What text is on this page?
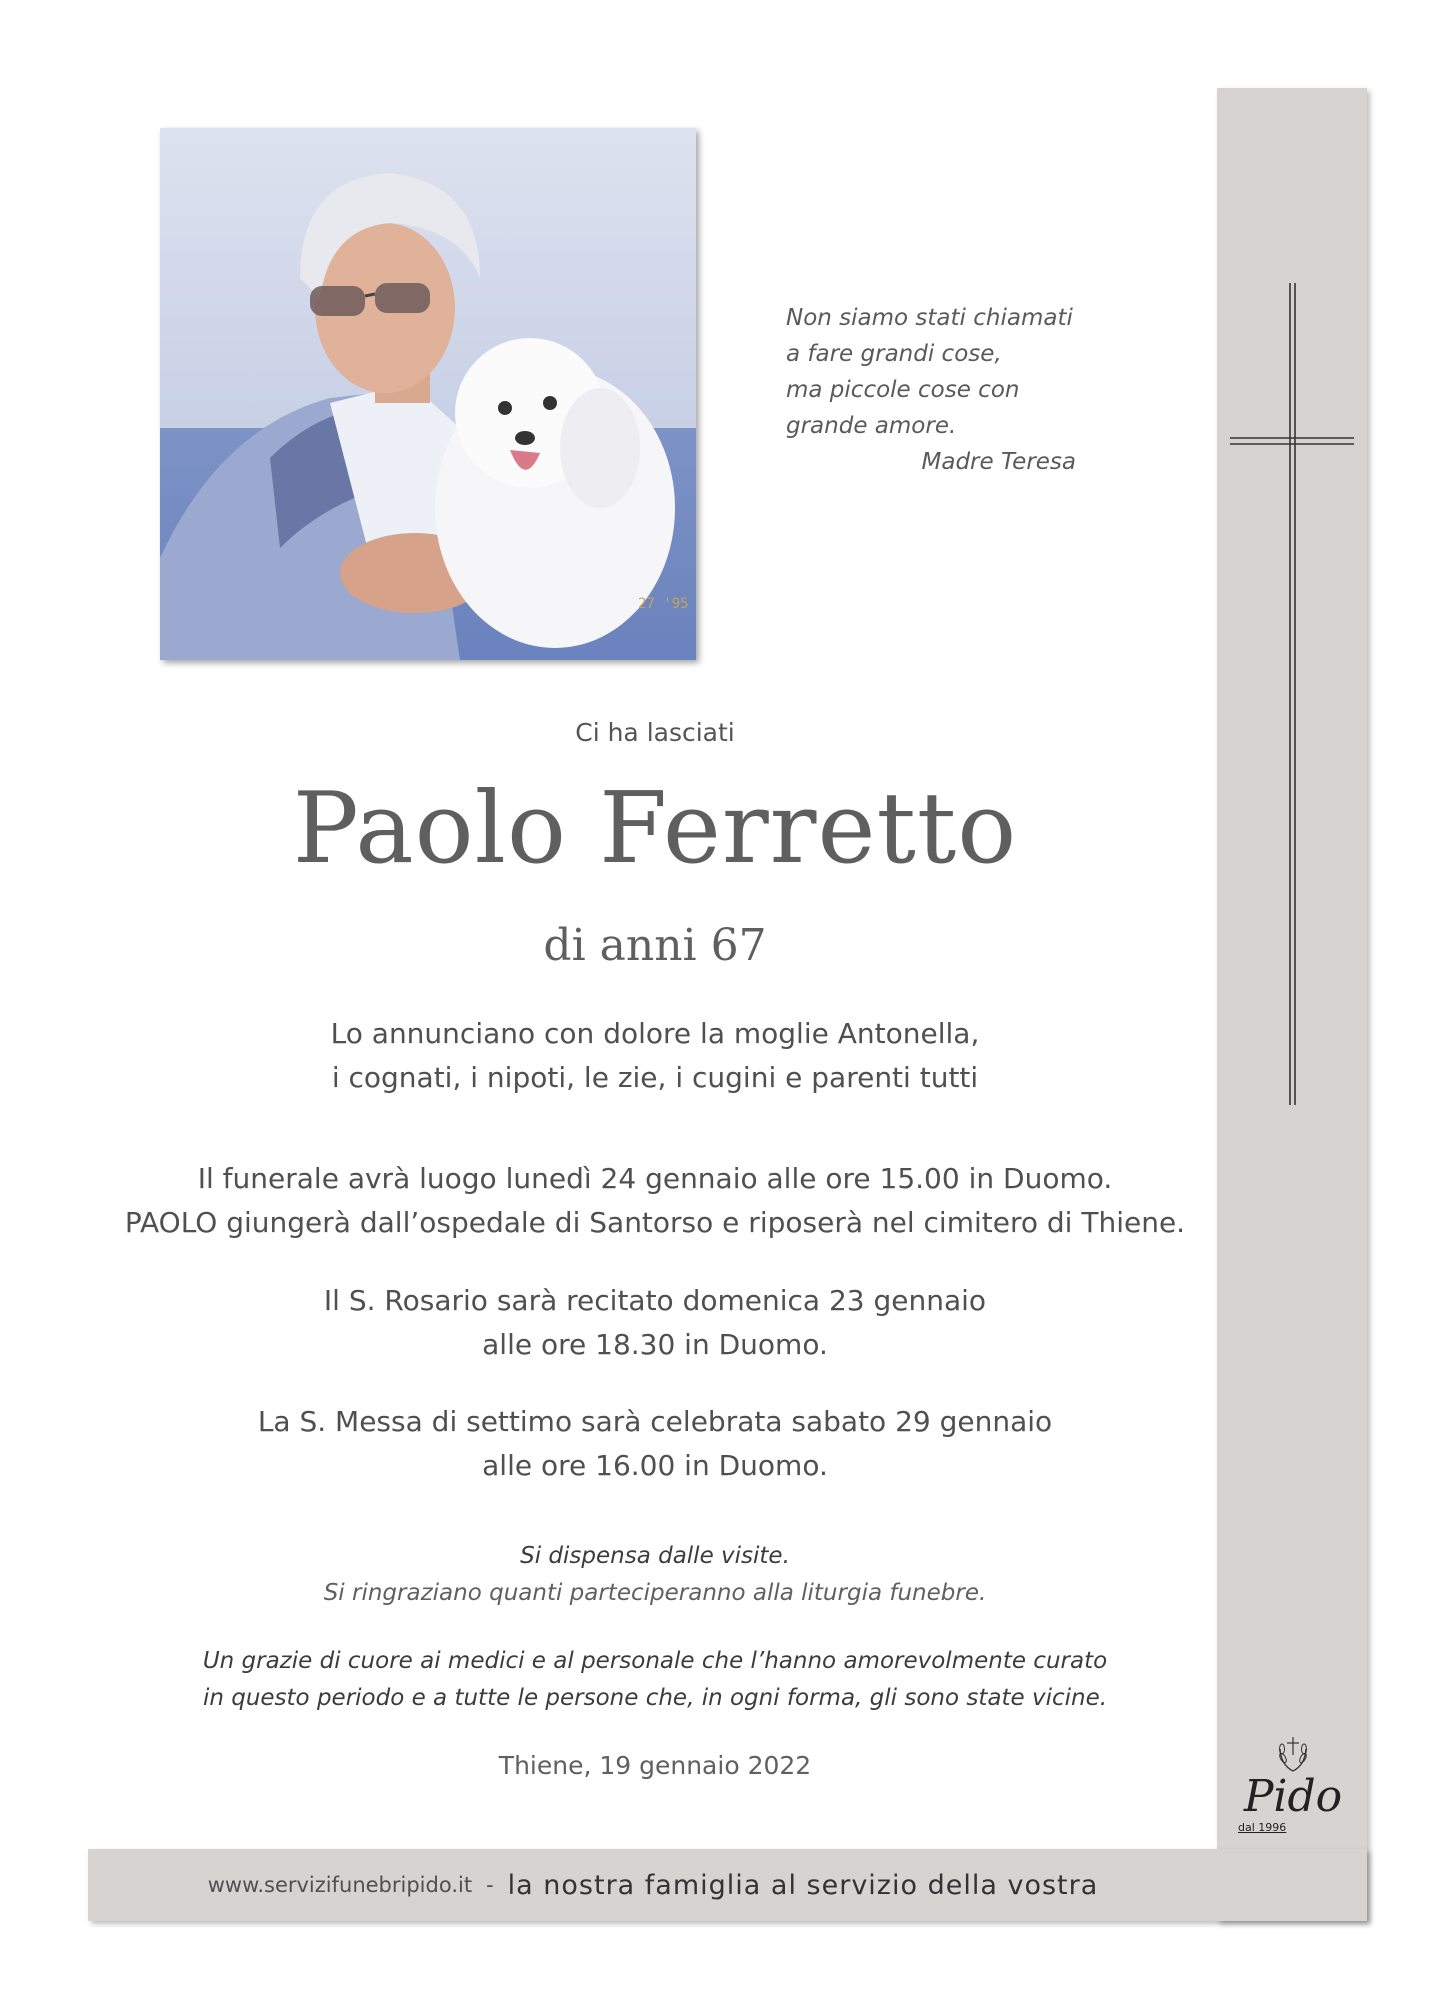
27 '95
Non siamo stati chiamati
a fare grandi cose,
ma piccole cose con
grande amore.
Madre Teresa
Ci ha lasciati
Paolo Ferretto
di anni 67
Lo annunciano con dolore la moglie Antonella,
i cognati, i nipoti, le zie, i cugini e parenti tutti
Il funerale avrà luogo lunedì 24 gennaio alle ore 15.00 in Duomo.
PAOLO giungerà dall’ospedale di Santorso e riposerà nel cimitero di Thiene.
Il S. Rosario sarà recitato domenica 23 gennaio
alle ore 18.30 in Duomo.
La S. Messa di settimo sarà celebrata sabato 29 gennaio
alle ore 16.00 in Duomo.
Si dispensa dalle visite.
Si ringraziano quanti parteciperanno alla liturgia funebre.
Un grazie di cuore ai medici e al personale che l’hanno amorevolmente curato
in questo periodo e a tutte le persone che, in ogni forma, gli sono state vicine.
Thiene, 19 gennaio 2022
www.servizifunebripido.it - la nostra famiglia al servizio della vostra
Pido
dal 1996
